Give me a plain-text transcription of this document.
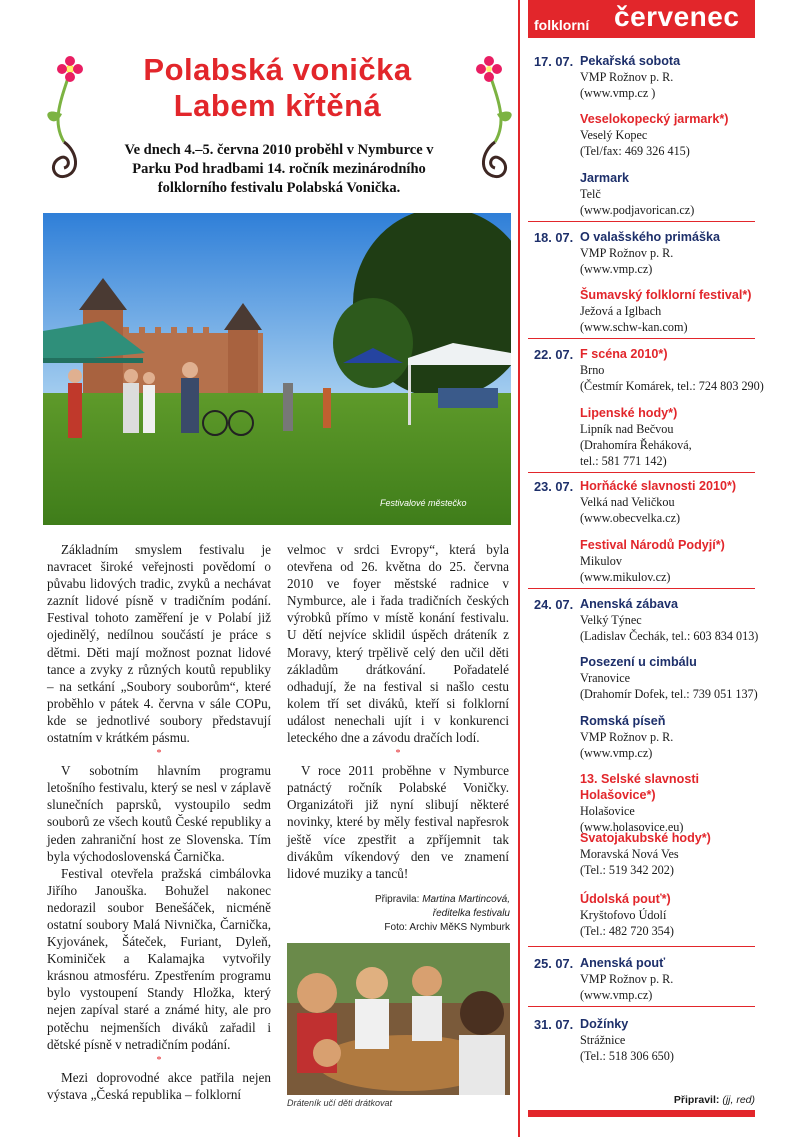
Polabská vonička
Labem křtěná
Ve dnech 4.–5. června 2010 proběhl v Nymburce v Parku Pod hradbami 14. ročník mezinárodního folklorního festivalu Polabská Vonička.
Festivalové městečko

Základním smyslem festivalu je navracet široké veřejnosti povědomí o půvabu lidových tradic, zvyků a nechávat zaznít lidové písně v tradičním podání. Festival tohoto zaměření je v Polabí již ojedinělý, nedílnou součástí je práce s dětmi. Děti mají možnost poznat lidové tance a zvyky z různých koutů republiky – na setkání „Soubory souborům“, které proběhlo v pátek 4. června v sále COPu, kde se jednotlivé soubory představují ostatním v krátkém pásmu.

*

V sobotním hlavním programu letošního festivalu, který se nesl v záplavě slunečních paprsků, vystoupilo sedm souborů ze všech koutů České republiky a jeden zahraniční host ze Slovenska. Tím byla východoslovenská Čarnička.

Festival otevřela pražská cimbálovka Jiřího Janouška. Bohužel nakonec nedorazil soubor Benešáček, nicméně ostatní soubory Malá Nivnička, Čarnička, Kyjovánek, Šáteček, Furiant, Dyleň, Kominiček a Kalamajka vytvořily krásnou atmosféru. Zpestřením programu bylo vystoupení Standy Hložka, který nejen zapíval staré a známé hity, ale pro potěchu nejmenších diváků zařadil i dětské písně v netradičním podání.

*

Mezi doprovodné akce patřila nejen výstava „Česká republika – folklorní

velmoc v srdci Evropy“, která byla otevřena od 26. května do 25. června 2010 ve foyer městské radnice v Nymburce, ale i řada tradičních českých výrobků přímo v místě konání festivalu. U dětí nejvíce sklidil úspěch dráteník z Moravy, který trpělivě celý den učil děti základům drátkování. Pořadatelé odhadují, že na festival si našlo cestu kolem tří set diváků, kteří si folklorní událost nenechali ujít i v konkurenci leteckého dne a závodu dračích lodí.

*

V roce 2011 proběhne v Nymburce patnáctý ročník Polabské Voničky. Organizátoři již nyní slibují některé novinky, které by měly festival napřesrok ještě více zpestřit a zpříjemnit tak divákům víkendový den ve znamení lidové muziky a tanců!

Připravila: Martina Martincová,
ředitelka festivalu
Foto: Archiv MěKS Nymburk
Dráteník učí děti drátkovat
folklorní červenec
17. 07. Pekařská sobota
VMP Rožnov p. R.
(www.vmp.cz )
Veselokopecký jarmark*)
Veselý Kopec
(Tel/fax: 469 326 415)
Jarmark
Telč
(www.podjavorican.cz)
18. 07. O valašského primáška
VMP Rožnov p. R.
(www.vmp.cz)
Šumavský folklorní festival*)
Ježová a Iglbach
(www.schw-kan.com)
22. 07. F scéna 2010*)
Brno
(Čestmír Komárek, tel.: 724 803 290)
Lipenské hody*)
Lipník nad Bečvou
(Drahomíra Řeháková,
tel.: 581 771 142)
23. 07. Horňácké slavnosti 2010*)
Velká nad Veličkou
(www.obecvelka.cz)
Festival Národů Podyjí*)
Mikulov
(www.mikulov.cz)
24. 07. Anenská zábava
Velký Týnec
(Ladislav Čechák, tel.: 603 834 013)
Posezení u cimbálu
Vranovice
(Drahomír Dofek, tel.: 739 051 137)
Romská píseň
VMP Rožnov p. R.
(www.vmp.cz)
13. Selské slavnosti Holašovice*)
Holašovice
(www.holasovice.eu)
Svatojakubské hody*)
Moravská Nová Ves
(Tel.: 519 342 202)
Údolská pouť*)
Kryštofovo Údolí
(Tel.: 482 720 354)
25. 07. Anenská pouť
VMP Rožnov p. R.
(www.vmp.cz)
31. 07. Dožínky
Strážnice
(Tel.: 518 306 650)
Připravil: (jj, red)
